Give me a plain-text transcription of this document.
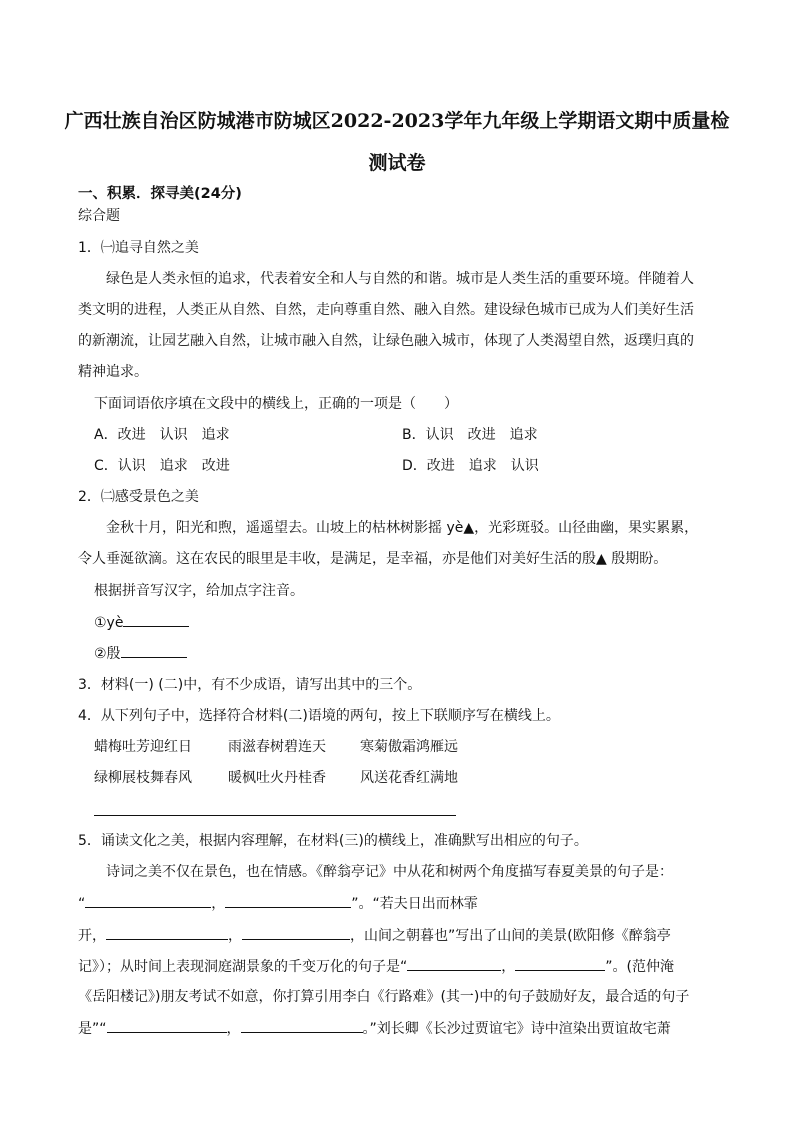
广西壮族自治区防城港市防城区2022-2023学年九年级上学期语文期中质量检
测试卷
一、积累．探寻美(24分)
综合题
1．㈠追寻自然之美
绿色是人类永恒的追求，代表着安全和人与自然的和谐。城市是人类生活的重要环境。伴随着人
类文明的进程，人类正从自然、自然，走向尊重自然、融入自然。建设绿色城市已成为人们美好生活
的新潮流，让园艺融入自然，让城市融入自然，让绿色融入城市，体现了人类渴望自然，返璞归真的
精神追求。
下面词语依序填在文段中的横线上，正确的一项是（　　）
A．改进　认识　追求	B．认识　改进　追求
C．认识　追求　改进	D．改进　追求　认识
2．㈡感受景色之美
金秋十月，阳光和煦，遥遥望去。山坡上的枯林树影摇 yè▲，光彩斑驳。山径曲幽，果实累累，
令人垂涎欲滴。这在农民的眼里是丰收，是满足，是幸福，亦是他们对美好生活的殷▲ 殷期盼。
根据拼音写汉字，给加点字注音。
①yè
②殷
3．材料(一) (二)中，有不少成语，请写出其中的三个。
4．从下列句子中，选择符合材料(二)语境的两句，按上下联顺序写在横线上。
蜡梅吐芳迎红日	雨滋春树碧连天 寒菊傲霜鸿雁远
绿柳展枝舞春风	暖枫吐火丹桂香 风送花香红满地
5．诵读文化之美，根据内容理解，在材料(三)的横线上，准确默写出相应的句子。
诗词之美不仅在景色，也在情感。《醉翁亭记》中从花和树两个角度描写春夏美景的句子是：
“	，	”。“若夫日出而林霏
开，	，	，山间之朝暮也”写出了山间的美景(欧阳修《醉翁亭
记》）；从时间上表现洞庭湖景象的千变万化的句子是“	，	”。(范仲淹
《岳阳楼记》)朋友考试不如意，你打算引用李白《行路难》(其一)中的句子鼓励好友，最合适的句子
是”“	，	。”刘长卿《长沙过贾谊宅》诗中渲染出贾谊故宅萧
